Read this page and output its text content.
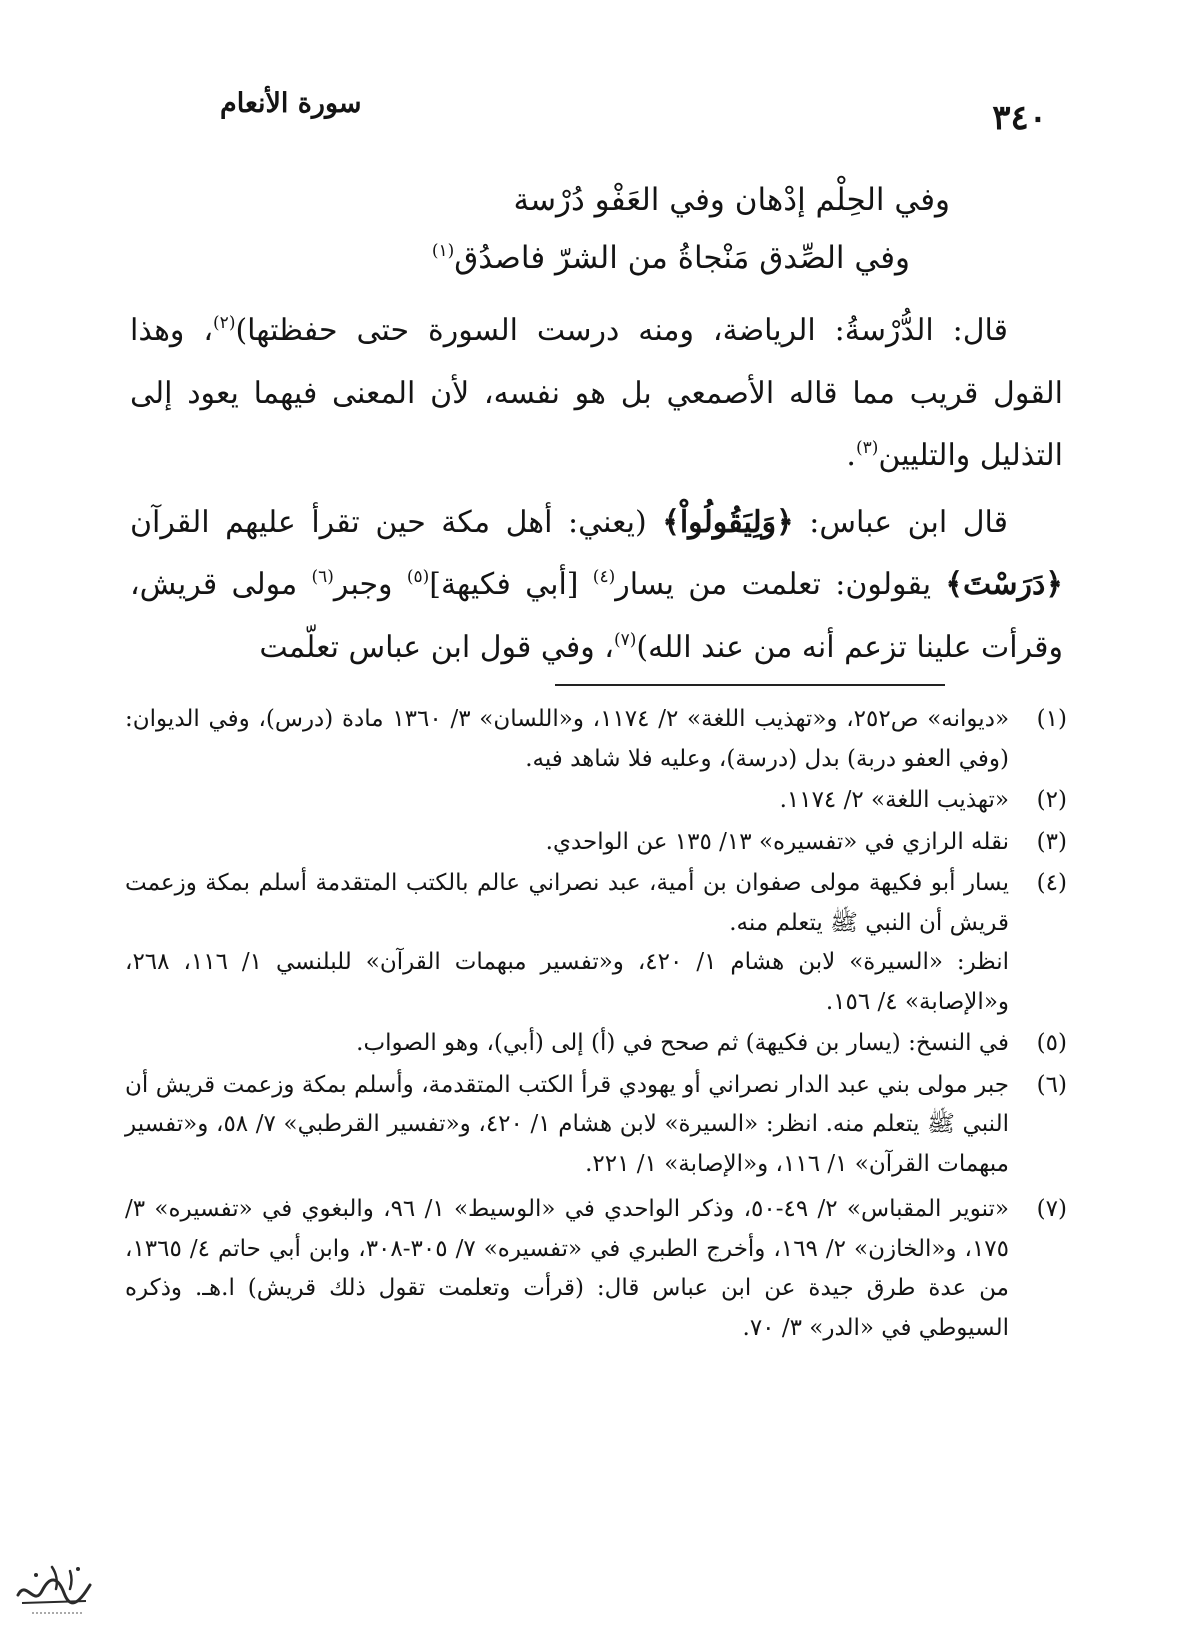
سورة الأنعام	٣٤٠
وفي الحِلْم إدْهان وفي العَفْو دُرْسة
وفي الصِّدق مَنْجاةُ من الشرّ فاصدُق$^{(١)}$

قال: الدُّرْسةُ: الرياضة، ومنه درست السورة حتى حفظتها)$^{(٢)}$، وهذا القول قريب مما قاله الأصمعي بل هو نفسه، لأن المعنى فيهما يعود إلى التذليل والتليين$^{(٣)}$.

قال ابن عباس: ﴿وَلِيَقُولُواْ﴾ (يعني: أهل مكة حين تقرأ عليهم القرآن ﴿دَرَسْتَ﴾ يقولون: تعلمت من يسار$^{(٤)}$ [أبي فكيهة]$^{(٥)}$ وجبر$^{(٦)}$ مولى قريش، وقرأت علينا تزعم أنه من عند الله)$^{(٧)}$، وفي قول ابن عباس تعلّمت

(١)
«ديوانه» ص٢٥٢، و«تهذيب اللغة» ٢/ ١١٧٤، و«اللسان» ٣/ ١٣٦٠ مادة (درس)، وفي الديوان: (وفي العفو دربة) بدل (درسة)، وعليه فلا شاهد فيه.
(٢)
«تهذيب اللغة» ٢/ ١١٧٤.
(٣)
نقله الرازي في «تفسيره» ١٣/ ١٣٥ عن الواحدي.
(٤)
يسار أبو فكيهة مولى صفوان بن أمية، عبد نصراني عالم بالكتب المتقدمة أسلم بمكة وزعمت قريش أن النبي ﷺ يتعلم منه.
انظر: «السيرة» لابن هشام ١/ ٤٢٠، و«تفسير مبهمات القرآن» للبلنسي ١/ ١١٦، ٢٦٨، و«الإصابة» ٤/ ١٥٦.
(٥)
في النسخ: (يسار بن فكيهة) ثم صحح في (أ) إلى (أبي)، وهو الصواب.
(٦)
جبر مولى بني عبد الدار نصراني أو يهودي قرأ الكتب المتقدمة، وأسلم بمكة وزعمت قريش أن النبي ﷺ يتعلم منه. انظر: «السيرة» لابن هشام ١/ ٤٢٠، و«تفسير القرطبي» ٧/ ٥٨، و«تفسير مبهمات القرآن» ١/ ١١٦، و«الإصابة» ١/ ٢٢١.
(٧)
«تنوير المقباس» ٢/ ٤٩-٥٠، وذكر الواحدي في «الوسيط» ١/ ٩٦، والبغوي في «تفسيره» ٣/ ١٧٥، و«الخازن» ٢/ ١٦٩، وأخرج الطبري في «تفسيره» ٧/ ٣٠٥-٣٠٨، وابن أبي حاتم ٤/ ١٣٦٥، من عدة طرق جيدة عن ابن عباس قال: (قرأت وتعلمت تقول ذلك قريش) ا.هـ. وذكره السيوطي في «الدر» ٣/ ٧٠.
